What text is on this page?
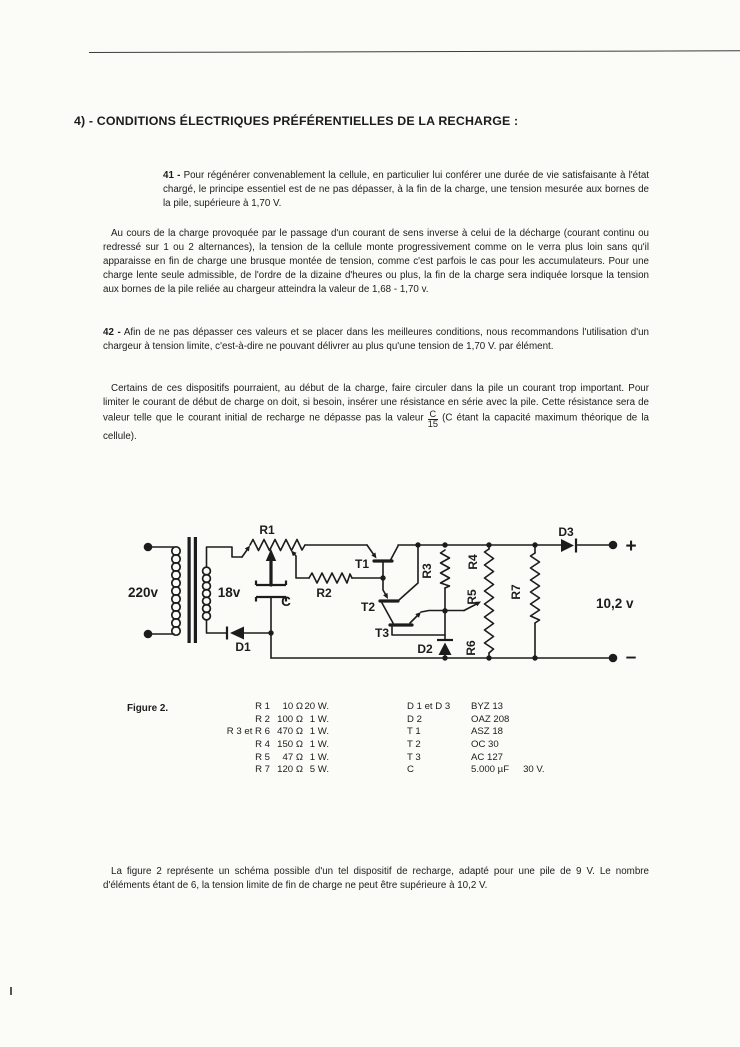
4) - CONDITIONS ÉLECTRIQUES PRÉFÉRENTIELLES DE LA RECHARGE :
41 - Pour régénérer convenablement la cellule, en particulier lui conférer une durée de vie satisfaisante à l'état chargé, le principe essentiel est de ne pas dépasser, à la fin de la charge, une tension mesurée aux bornes de la pile, supérieure à 1,70 V.
Au cours de la charge provoquée par le passage d'un courant de sens inverse à celui de la décharge (courant continu ou redressé sur 1 ou 2 alternances), la tension de la cellule monte progressivement comme on le verra plus loin sans qu'il apparaisse en fin de charge une brusque montée de tension, comme c'est parfois le cas pour les accumulateurs. Pour une charge lente seule admissible, de l'ordre de la dizaine d'heures ou plus, la fin de la charge sera indiquée lorsque la tension aux bornes de la pile reliée au chargeur atteindra la valeur de 1,68 - 1,70 v.
42 - Afin de ne pas dépasser ces valeurs et se placer dans les meilleures conditions, nous recommandons l'utilisation d'un chargeur à tension limite, c'est-à-dire ne pouvant délivrer au plus qu'une tension de 1,70 V. par élément.
Certains de ces dispositifs pourraient, au début de la charge, faire circuler dans la pile un courant trop important. Pour limiter le courant de début de charge on doit, si besoin, insérer une résistance en série avec la pile. Cette résistance sera de valeur telle que le courant initial de recharge ne dépasse pas la valeur $\frac{C}{15} (C$ étant la capacité maximum théorique de la cellule).
220v	18v
R1
R2
C
D1
T1
T2
T3
D2
D3
R3
R4
R5
R6
R7
10,2 v
+
–
Figure 2.	R 1	10 Ω 20 W.
R 2 100 Ω 1 W.
R 3 et R 6 470 Ω 1 W.
R 4 150 Ω 1 W.
R 5	47 Ω 1 W.
R 7 120 Ω 5 W.
D 1 et D 3	BYZ 13
D 2	OAZ 208
T 1	ASZ 18
T 2	OC 30
T 3	AC 127
C	5.000 µF 30 V.
La figure 2 représente un schéma possible d'un tel dispositif de recharge, adapté pour une pile de 9 V. Le nombre d'éléments étant de 6, la tension limite de fin de charge ne peut être supérieure à 10,2 V.
